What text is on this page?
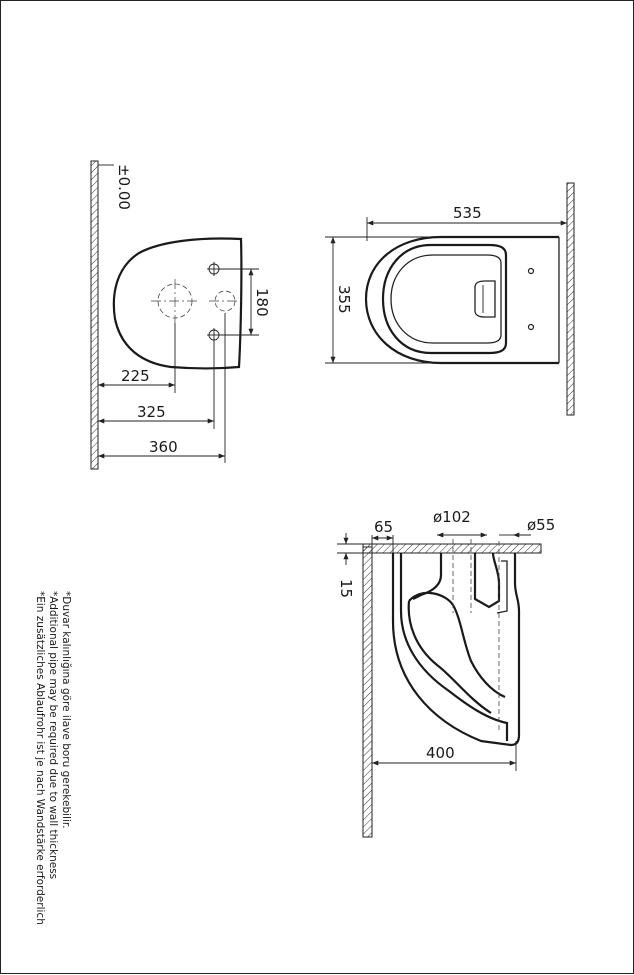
±0.00
180
225
325
360
535
355
65
ø102	ø55
15
400
*Duvar kalınlığına göre ilave boru gerekebilir.
*Additional pipe may be required due to wall thickness
*Ein zusätzliches Ablaufrohr ist je nach Wandstärke erforderlich
